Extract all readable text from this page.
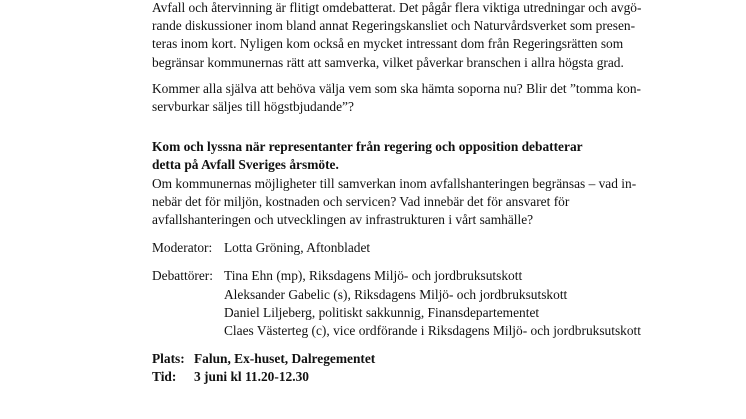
Avfall och återvinning är flitigt omdebatterat. Det pågår flera viktiga utredningar och avgö-
rande diskussioner inom bland annat Regeringskansliet och Naturvårdsverket som presen-
teras inom kort. Nyligen kom också en mycket intressant dom från Regeringsrätten som
begränsar kommunernas rätt att samverka, vilket påverkar branschen i allra högsta grad.
Kommer alla själva att behöva välja vem som ska hämta soporna nu? Blir det ”tomma kon-
servburkar säljes till högstbjudande”?
Kom och lyssna när representanter från regering och opposition debatterar
detta på Avfall Sveriges årsmöte.
Om kommunernas möjligheter till samverkan inom avfallshanteringen begränsas – vad in-
nebär det för miljön, kostnaden och servicen? Vad innebär det för ansvaret för
avfallshanteringen och utvecklingen av infrastrukturen i vårt samhälle?
Moderator: Lotta Gröning, Aftonbladet
Debattörer: Tina Ehn (mp), Riksdagens Miljö- och jordbruksutskott
Aleksander Gabelic (s), Riksdagens Miljö- och jordbruksutskott
Daniel Liljeberg, politiskt sakkunnig, Finansdepartementet
Claes Västerteg (c), vice ordförande i Riksdagens Miljö- och jordbruksutskott
Plats: Falun, Ex-huset, Dalregementet
Tid:	3 juni kl 11.20-12.30
